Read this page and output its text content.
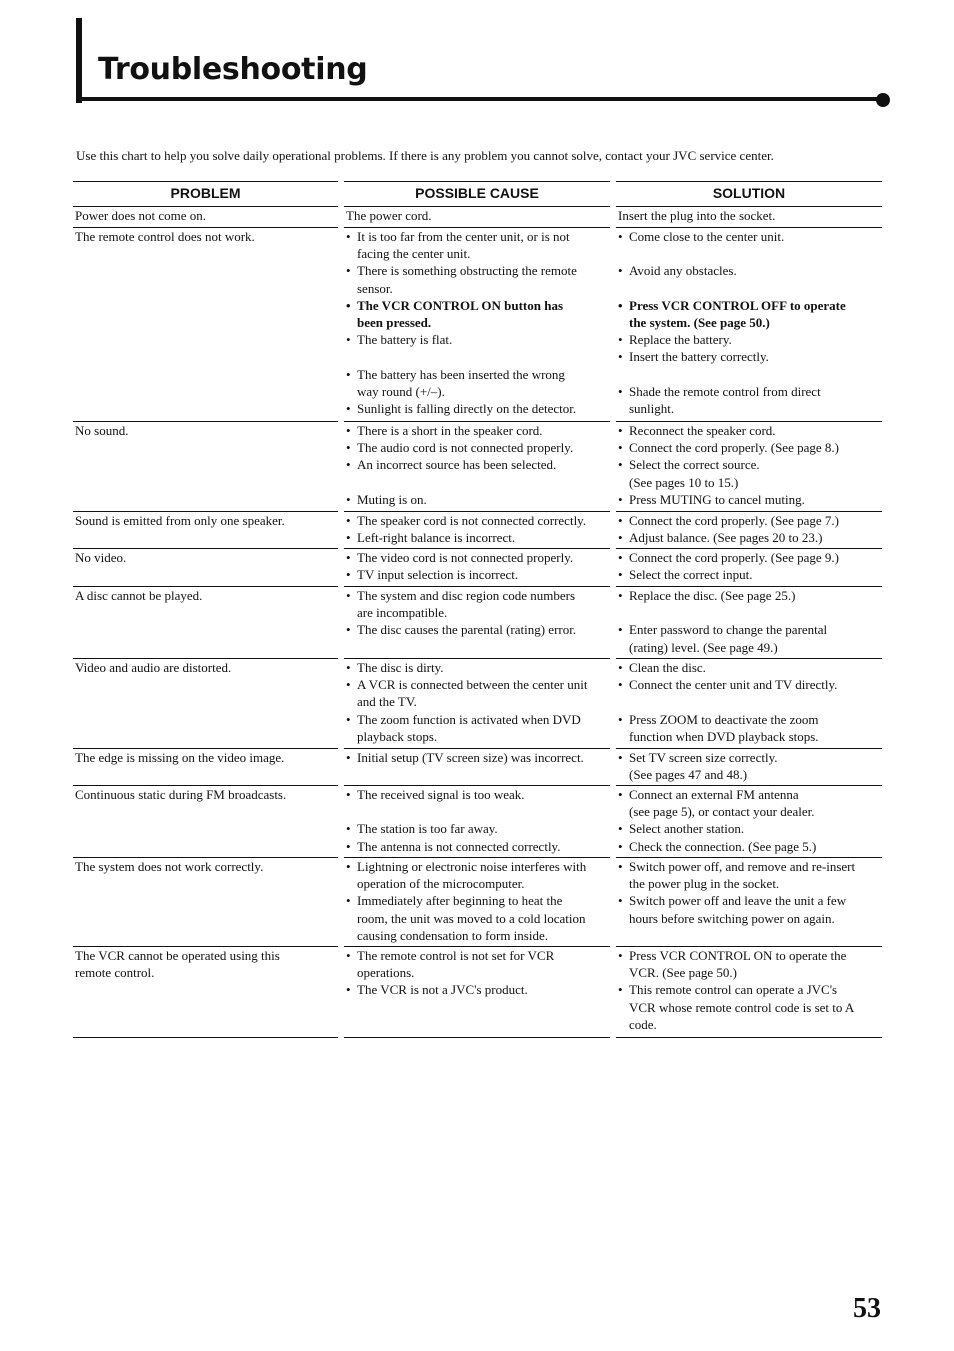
Troubleshooting

Use this chart to help you solve daily operational problems. If there is any problem you cannot solve, contact your JVC service center.

PROBLEM
Power does not come on.
The remote control does not work.
No sound.
Sound is emitted from only one speaker.
No video.
A disc cannot be played.
Video and audio are distorted.
The edge is missing on the video image.
Continuous static during FM broadcasts.
The system does not work correctly.
The VCR cannot be operated using this
remote control.
POSSIBLE CAUSE
The power cord.
• It is too far from the center unit, or is not
facing the center unit.
• There is something obstructing the remote
sensor.
• The VCR CONTROL ON button has
been pressed.
• The battery is flat.
• The battery has been inserted the wrong
way round (+/–).
• Sunlight is falling directly on the detector.
• There is a short in the speaker cord.
• The audio cord is not connected properly.
• An incorrect source has been selected.
• Muting is on.
• The speaker cord is not connected correctly.
• Left-right balance is incorrect.
• The video cord is not connected properly.
• TV input selection is incorrect.
• The system and disc region code numbers
are incompatible.
• The disc causes the parental (rating) error.
• The disc is dirty.
• A VCR is connected between the center unit
and the TV.
• The zoom function is activated when DVD
playback stops.
• Initial setup (TV screen size) was incorrect.
• The received signal is too weak.
• The station is too far away.
• The antenna is not connected correctly.
• Lightning or electronic noise interferes with
operation of the microcomputer.
• Immediately after beginning to heat the
room, the unit was moved to a cold location
causing condensation to form inside.
• The remote control is not set for VCR
operations.
• The VCR is not a JVC's product.
SOLUTION
Insert the plug into the socket.
• Come close to the center unit.
• Avoid any obstacles.
• Press VCR CONTROL OFF to operate
the system. (See page 50.)
• Replace the battery.
• Insert the battery correctly.
• Shade the remote control from direct
sunlight.
• Reconnect the speaker cord.
• Connect the cord properly. (See page 8.)
• Select the correct source.
(See pages 10 to 15.)
• Press MUTING to cancel muting.
• Connect the cord properly. (See page 7.)
• Adjust balance. (See pages 20 to 23.)
• Connect the cord properly. (See page 9.)
• Select the correct input.
• Replace the disc. (See page 25.)
• Enter password to change the parental
(rating) level. (See page 49.)
• Clean the disc.
• Connect the center unit and TV directly.
• Press ZOOM to deactivate the zoom
function when DVD playback stops.
• Set TV screen size correctly.
(See pages 47 and 48.)
• Connect an external FM antenna
(see page 5), or contact your dealer.
• Select another station.
• Check the connection. (See page 5.)
• Switch power off, and remove and re-insert
the power plug in the socket.
• Switch power off and leave the unit a few
hours before switching power on again.
• Press VCR CONTROL ON to operate the
VCR. (See page 50.)
• This remote control can operate a JVC's
VCR whose remote control code is set to A
code.
53
